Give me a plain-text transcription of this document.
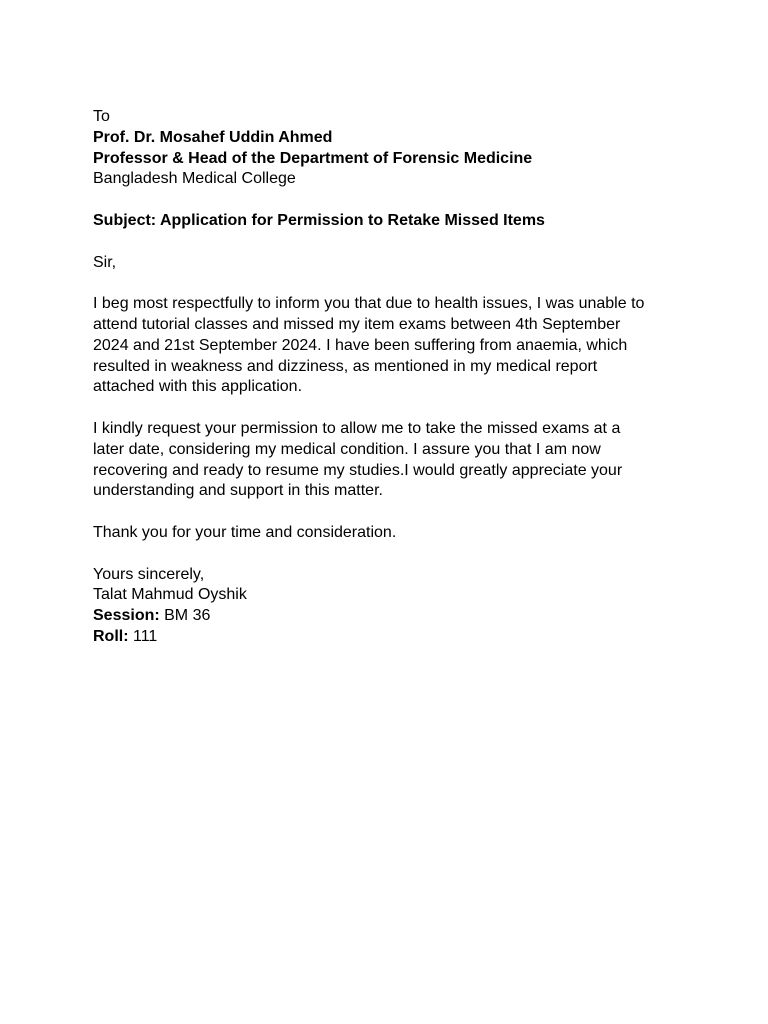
To
Prof. Dr. Mosahef Uddin Ahmed
Professor & Head of the Department of Forensic Medicine
Bangladesh Medical College
Subject: Application for Permission to Retake Missed Items
Sir,
I beg most respectfully to inform you that due to health issues, I was unable to
attend tutorial classes and missed my item exams between 4th September
2024 and 21st September 2024. I have been suffering from anaemia, which
resulted in weakness and dizziness, as mentioned in my medical report
attached with this application.
I kindly request your permission to allow me to take the missed exams at a
later date, considering my medical condition. I assure you that I am now
recovering and ready to resume my studies.I would greatly appreciate your
understanding and support in this matter.
Thank you for your time and consideration.
Yours sincerely,
Talat Mahmud Oyshik
Session: BM 36
Roll: 111
